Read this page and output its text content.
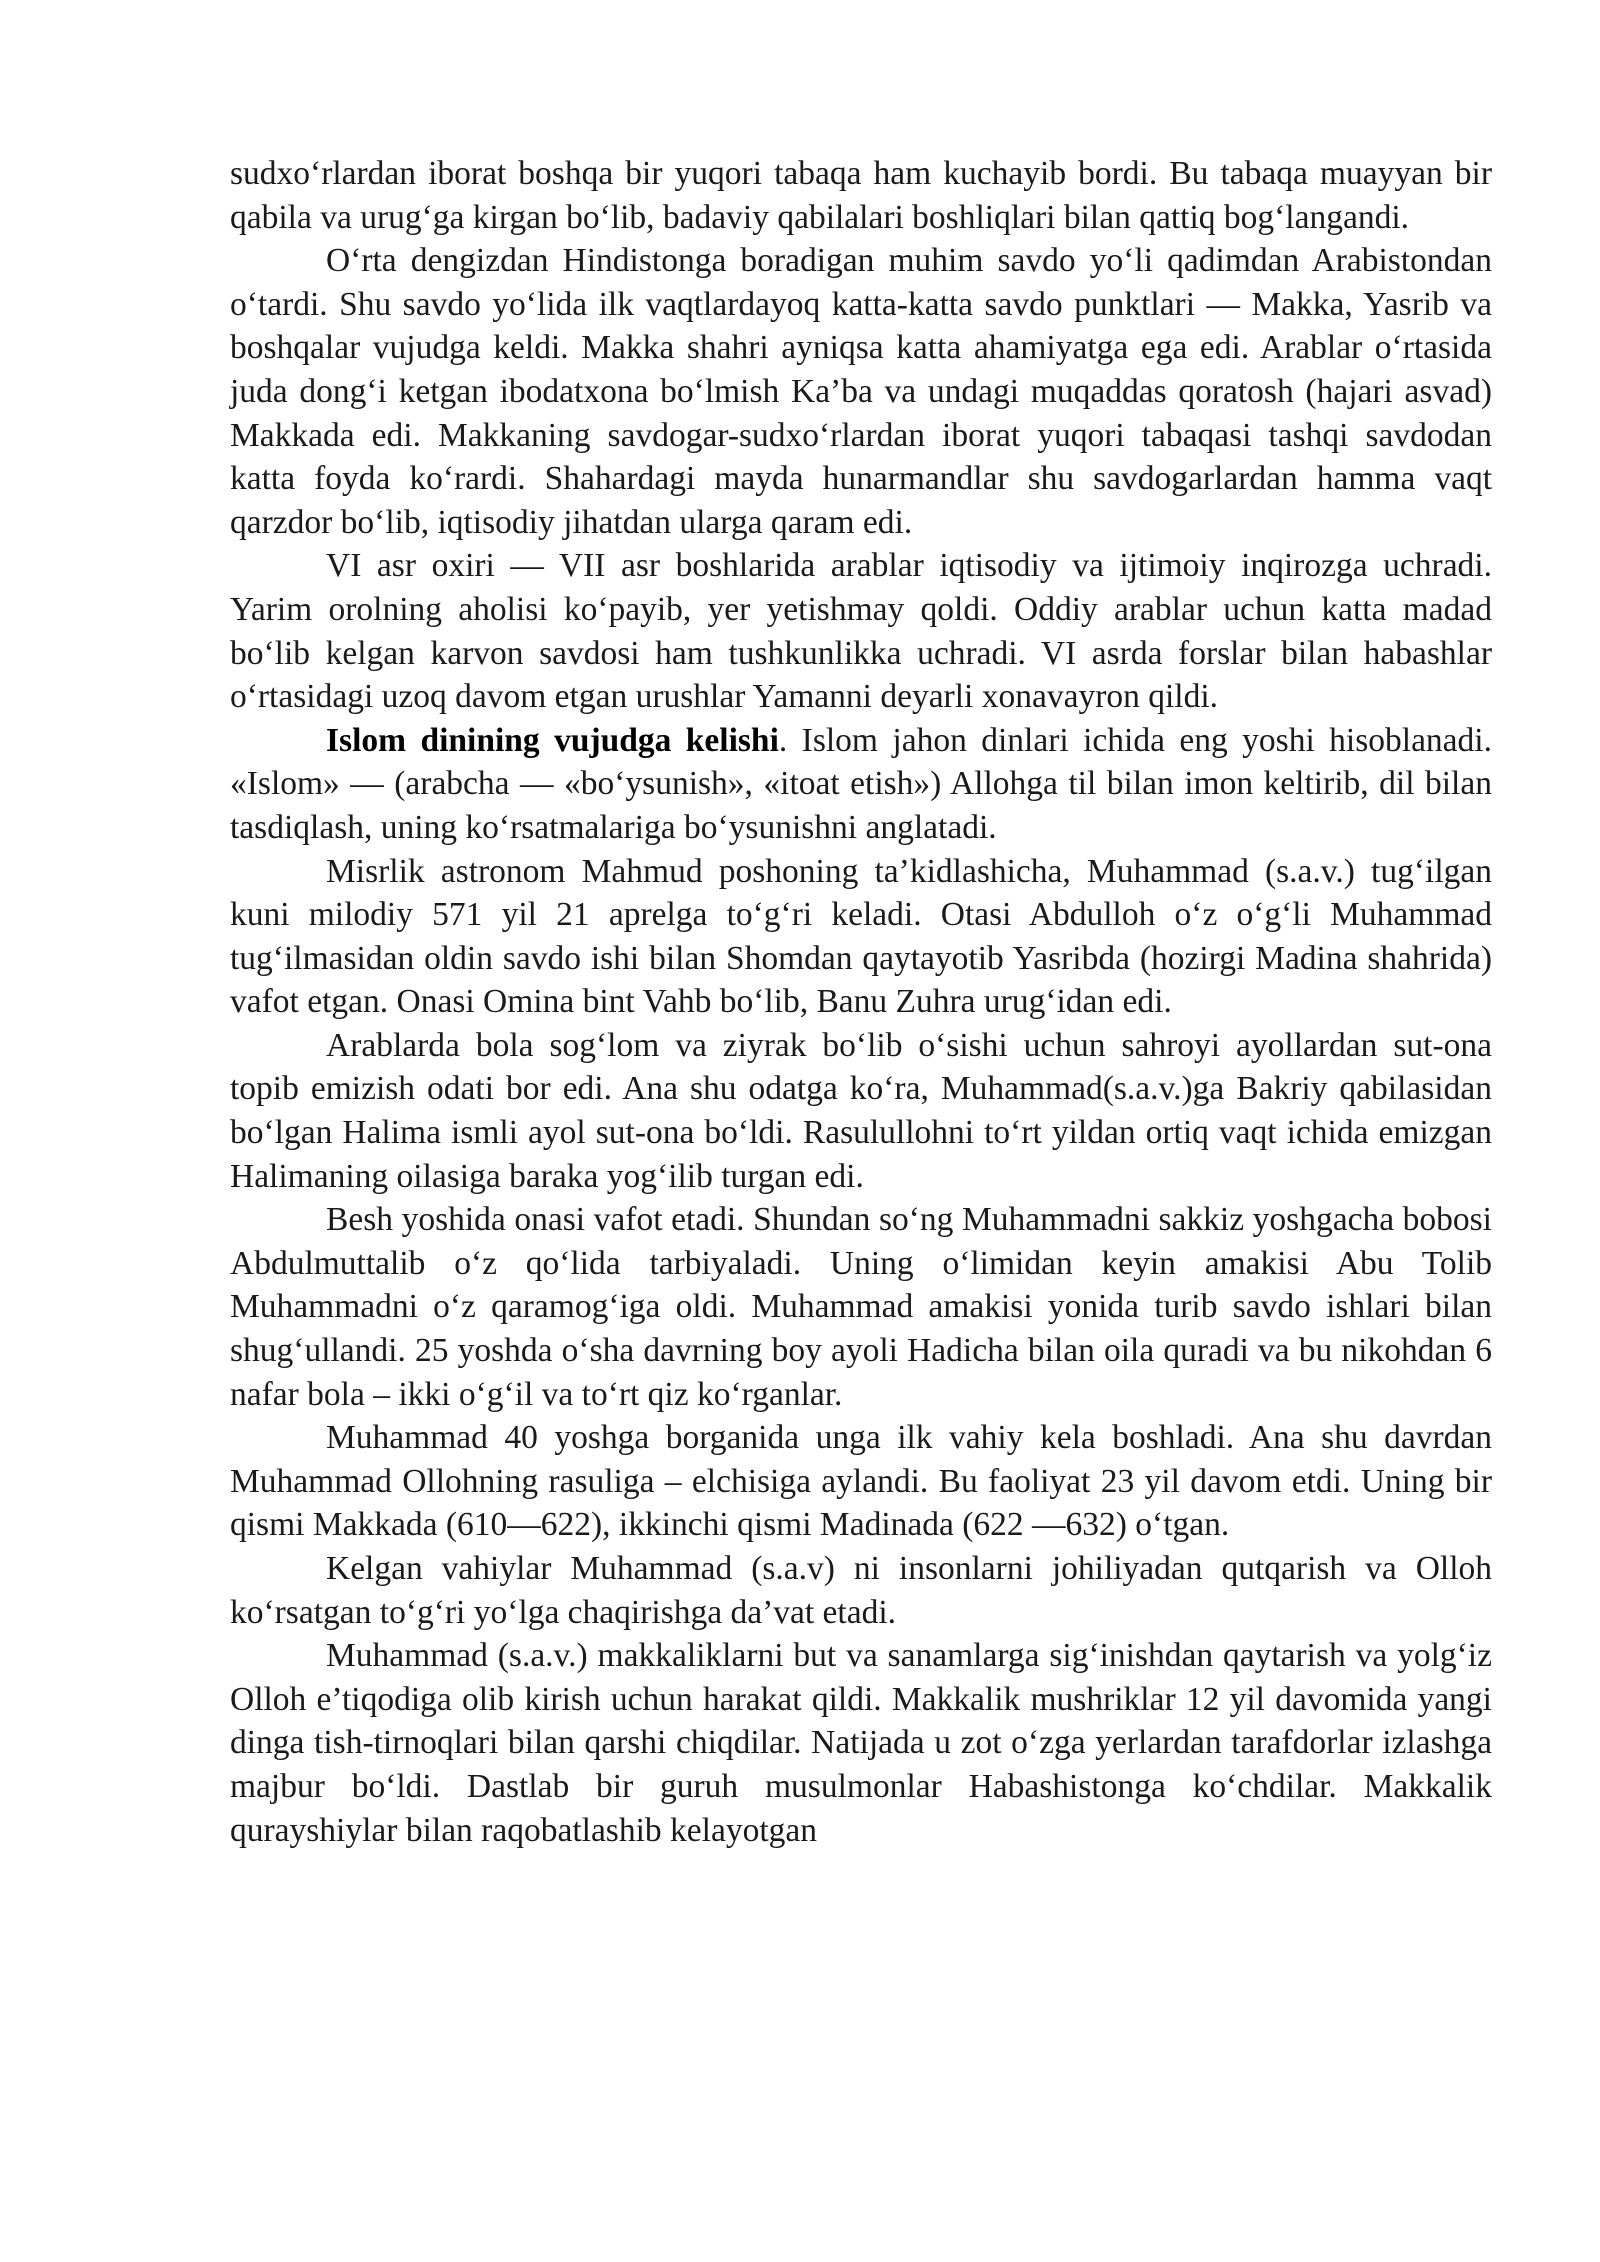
sudxo‘rlardan iborat boshqa bir yuqori tabaqa ham kuchayib bordi. Bu tabaqa muayyan bir qabila va urug‘ga kirgan bo‘lib, badaviy qabilalari boshliqlari bilan qattiq bog‘langandi.

O‘rta dengizdan Hindistonga boradigan muhim savdo yo‘li qadimdan Arabistondan o‘tardi. Shu savdo yo‘lida ilk vaqtlardayoq katta-katta savdo punktlari — Makka, Yasrib va boshqalar vujudga keldi. Makka shahri ayniqsa katta ahamiyatga ega edi. Arablar o‘rtasida juda dong‘i ketgan ibodatxona bo‘lmish Ka’ba va undagi muqaddas qoratosh (hajari asvad) Makkada edi. Makkaning savdogar-sudxo‘rlardan iborat yuqori tabaqasi tashqi savdodan katta foyda ko‘rardi. Shahardagi mayda hunarmandlar shu savdogarlardan hamma vaqt qarzdor bo‘lib, iqtisodiy jihatdan ularga qaram edi.

VI asr oxiri — VII asr boshlarida arablar iqtisodiy va ijtimoiy inqirozga uchradi. Yarim orolning aholisi ko‘payib, yer yetishmay qoldi. Oddiy arablar uchun katta madad bo‘lib kelgan karvon savdosi ham tushkunlikka uchradi. VI asrda forslar bilan habashlar o‘rtasidagi uzoq davom etgan urushlar Yamanni deyarli xonavayron qildi.

Islom dinining vujudga kelishi. Islom jahon dinlari ichida eng yoshi hisoblanadi. «Islom» — (arabcha — «bo‘ysunish», «itoat etish») Allohga til bilan imon keltirib, dil bilan tasdiqlash, uning ko‘rsatmalariga bo‘ysunishni anglatadi.

Misrlik astronom Mahmud poshoning ta’kidlashicha, Muhammad (s.a.v.) tug‘ilgan kuni milodiy 571 yil 21 aprelga to‘g‘ri keladi. Otasi Abdulloh o‘z o‘g‘li Muhammad tug‘ilmasidan oldin savdo ishi bilan Shomdan qaytayotib Yasribda (hozirgi Madina shahrida) vafot etgan. Onasi Omina bint Vahb bo‘lib, Banu Zuhra urug‘idan edi.

Arablarda bola sog‘lom va ziyrak bo‘lib o‘sishi uchun sahroyi ayollardan sut-ona topib emizish odati bor edi. Ana shu odatga ko‘ra, Muhammad(s.a.v.)ga Bakriy qabilasidan bo‘lgan Halima ismli ayol sut-ona bo‘ldi. Rasulullohni to‘rt yildan ortiq vaqt ichida emizgan Halimaning oilasiga baraka yog‘ilib turgan edi.

Besh yoshida onasi vafot etadi. Shundan so‘ng Muhammadni sakkiz yoshgacha bobosi Abdulmuttalib o‘z qo‘lida tarbiyaladi. Uning o‘limidan keyin amakisi Abu Tolib Muhammadni o‘z qaramog‘iga oldi. Muhammad amakisi yonida turib savdo ishlari bilan shug‘ullandi. 25 yoshda o‘sha davrning boy ayoli Hadicha bilan oila quradi va bu nikohdan 6 nafar bola – ikki o‘g‘il va to‘rt qiz ko‘rganlar.

Muhammad 40 yoshga borganida unga ilk vahiy kela boshladi. Ana shu davrdan Muhammad Ollohning rasuliga – elchisiga aylandi. Bu faoliyat 23 yil davom etdi. Uning bir qismi Makkada (610—622), ikkinchi qismi Madinada (622 —632) o‘tgan.

Kelgan vahiylar Muhammad (s.a.v) ni insonlarni johiliyadan qutqarish va Olloh ko‘rsatgan to‘g‘ri yo‘lga chaqirishga da’vat etadi.

Muhammad (s.a.v.) makkaliklarni but va sanamlarga sig‘inishdan qaytarish va yolg‘iz Olloh e’tiqodiga olib kirish uchun harakat qildi. Makkalik mushriklar 12 yil davomida yangi dinga tish-tirnoqlari bilan qarshi chiqdilar. Natijada u zot o‘zga yerlardan tarafdorlar izlashga majbur bo‘ldi. Dastlab bir guruh musulmonlar Habashistonga ko‘chdilar. Makkalik qurayshiylar bilan raqobatlashib kelayotgan
